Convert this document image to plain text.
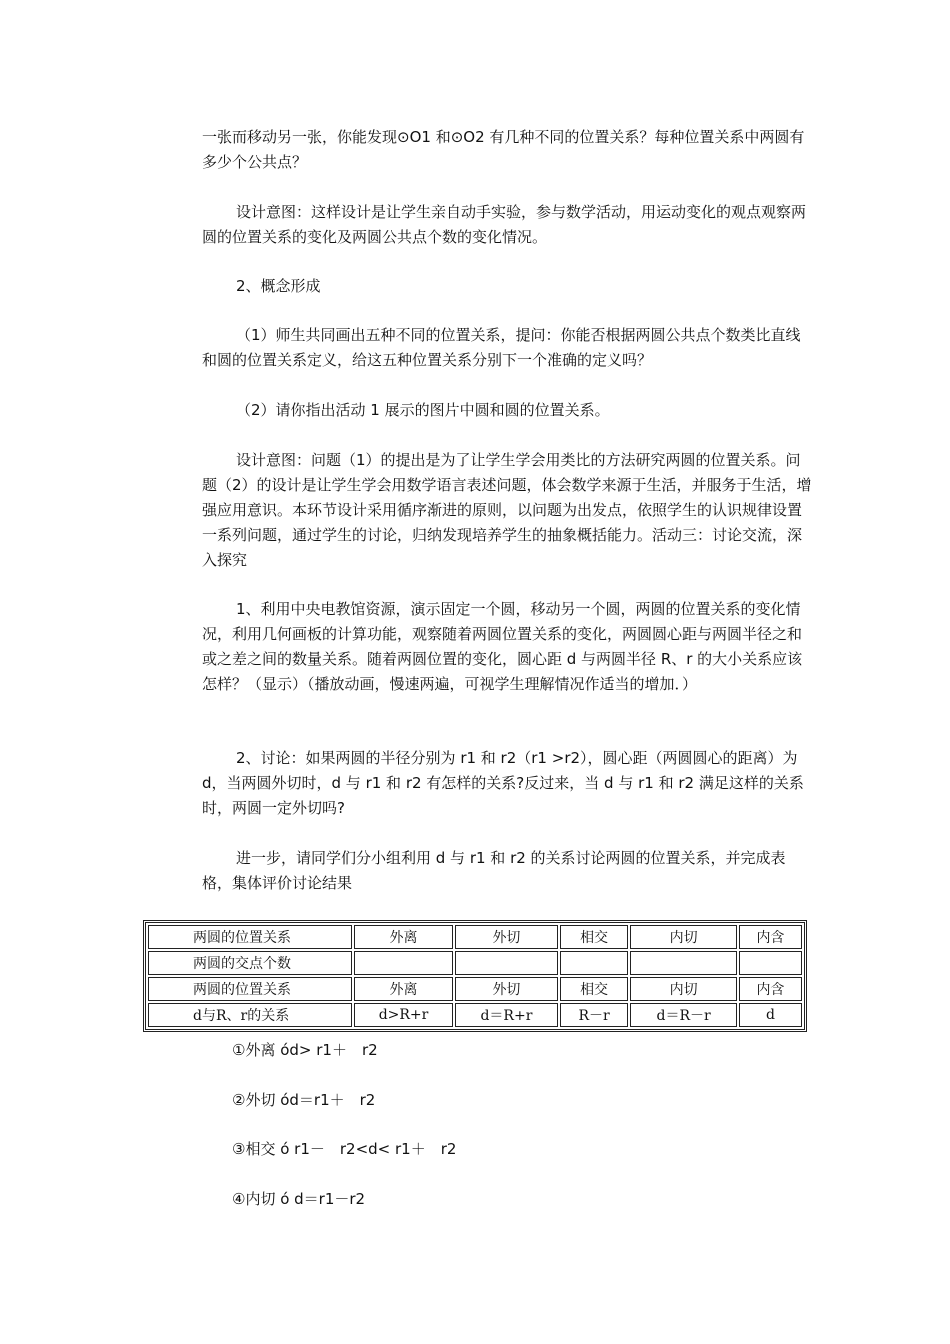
一张而移动另一张，你能发现⊙O1 和⊙O2 有几种不同的位置关系？每种位置关系中两圆有多少个公共点？

设计意图：这样设计是让学生亲自动手实验，参与数学活动，用运动变化的观点观察两圆的位置关系的变化及两圆公共点个数的变化情况。

2、概念形成

（1）师生共同画出五种不同的位置关系，提问：你能否根据两圆公共点个数类比直线和圆的位置关系定义，给这五种位置关系分别下一个准确的定义吗？

（2）请你指出活动 1 展示的图片中圆和圆的位置关系。

设计意图：问题（1）的提出是为了让学生学会用类比的方法研究两圆的位置关系。问题（2）的设计是让学生学会用数学语言表述问题，体会数学来源于生活，并服务于生活，增强应用意识。本环节设计采用循序渐进的原则，以问题为出发点，依照学生的认识规律设置一系列问题，通过学生的讨论，归纳发现培养学生的抽象概括能力。活动三：讨论交流，深入探究

1、利用中央电教馆资源，演示固定一个圆，移动另一个圆，两圆的位置关系的变化情况，利用几何画板的计算功能，观察随着两圆位置关系的变化，两圆圆心距与两圆半径之和或之差之间的数量关系。随着两圆位置的变化，圆心距 d 与两圆半径 R、r 的大小关系应该怎样？（显示）（播放动画，慢速两遍，可视学生理解情况作适当的增加．）

2、讨论：如果两圆的半径分别为 r1 和 r2（r1 >r2），圆心距（两圆圆心的距离）为 d，当两圆外切时，d 与 r1 和 r2 有怎样的关系?反过来，当 d 与 r1 和 r2 满足这样的关系时，两圆一定外切吗?

进一步，请同学们分小组利用 d 与 r1 和 r2 的关系讨论两圆的位置关系，并完成表格，集体评价讨论结果

两圆的位置关系	外离	外切	相交	内切	内含
两圆的交点个数					
两圆的位置关系	外离	外切	相交	内切	内含
d与R、r的关系	d>R+r	d＝R+r	R－r	d＝R－r	d
①外离 ód> r1＋　r2
②外切 ód＝r1＋　r2
③相交 ó r1－　r2<d< r1＋　r2
④内切 ó d＝r1－r2
